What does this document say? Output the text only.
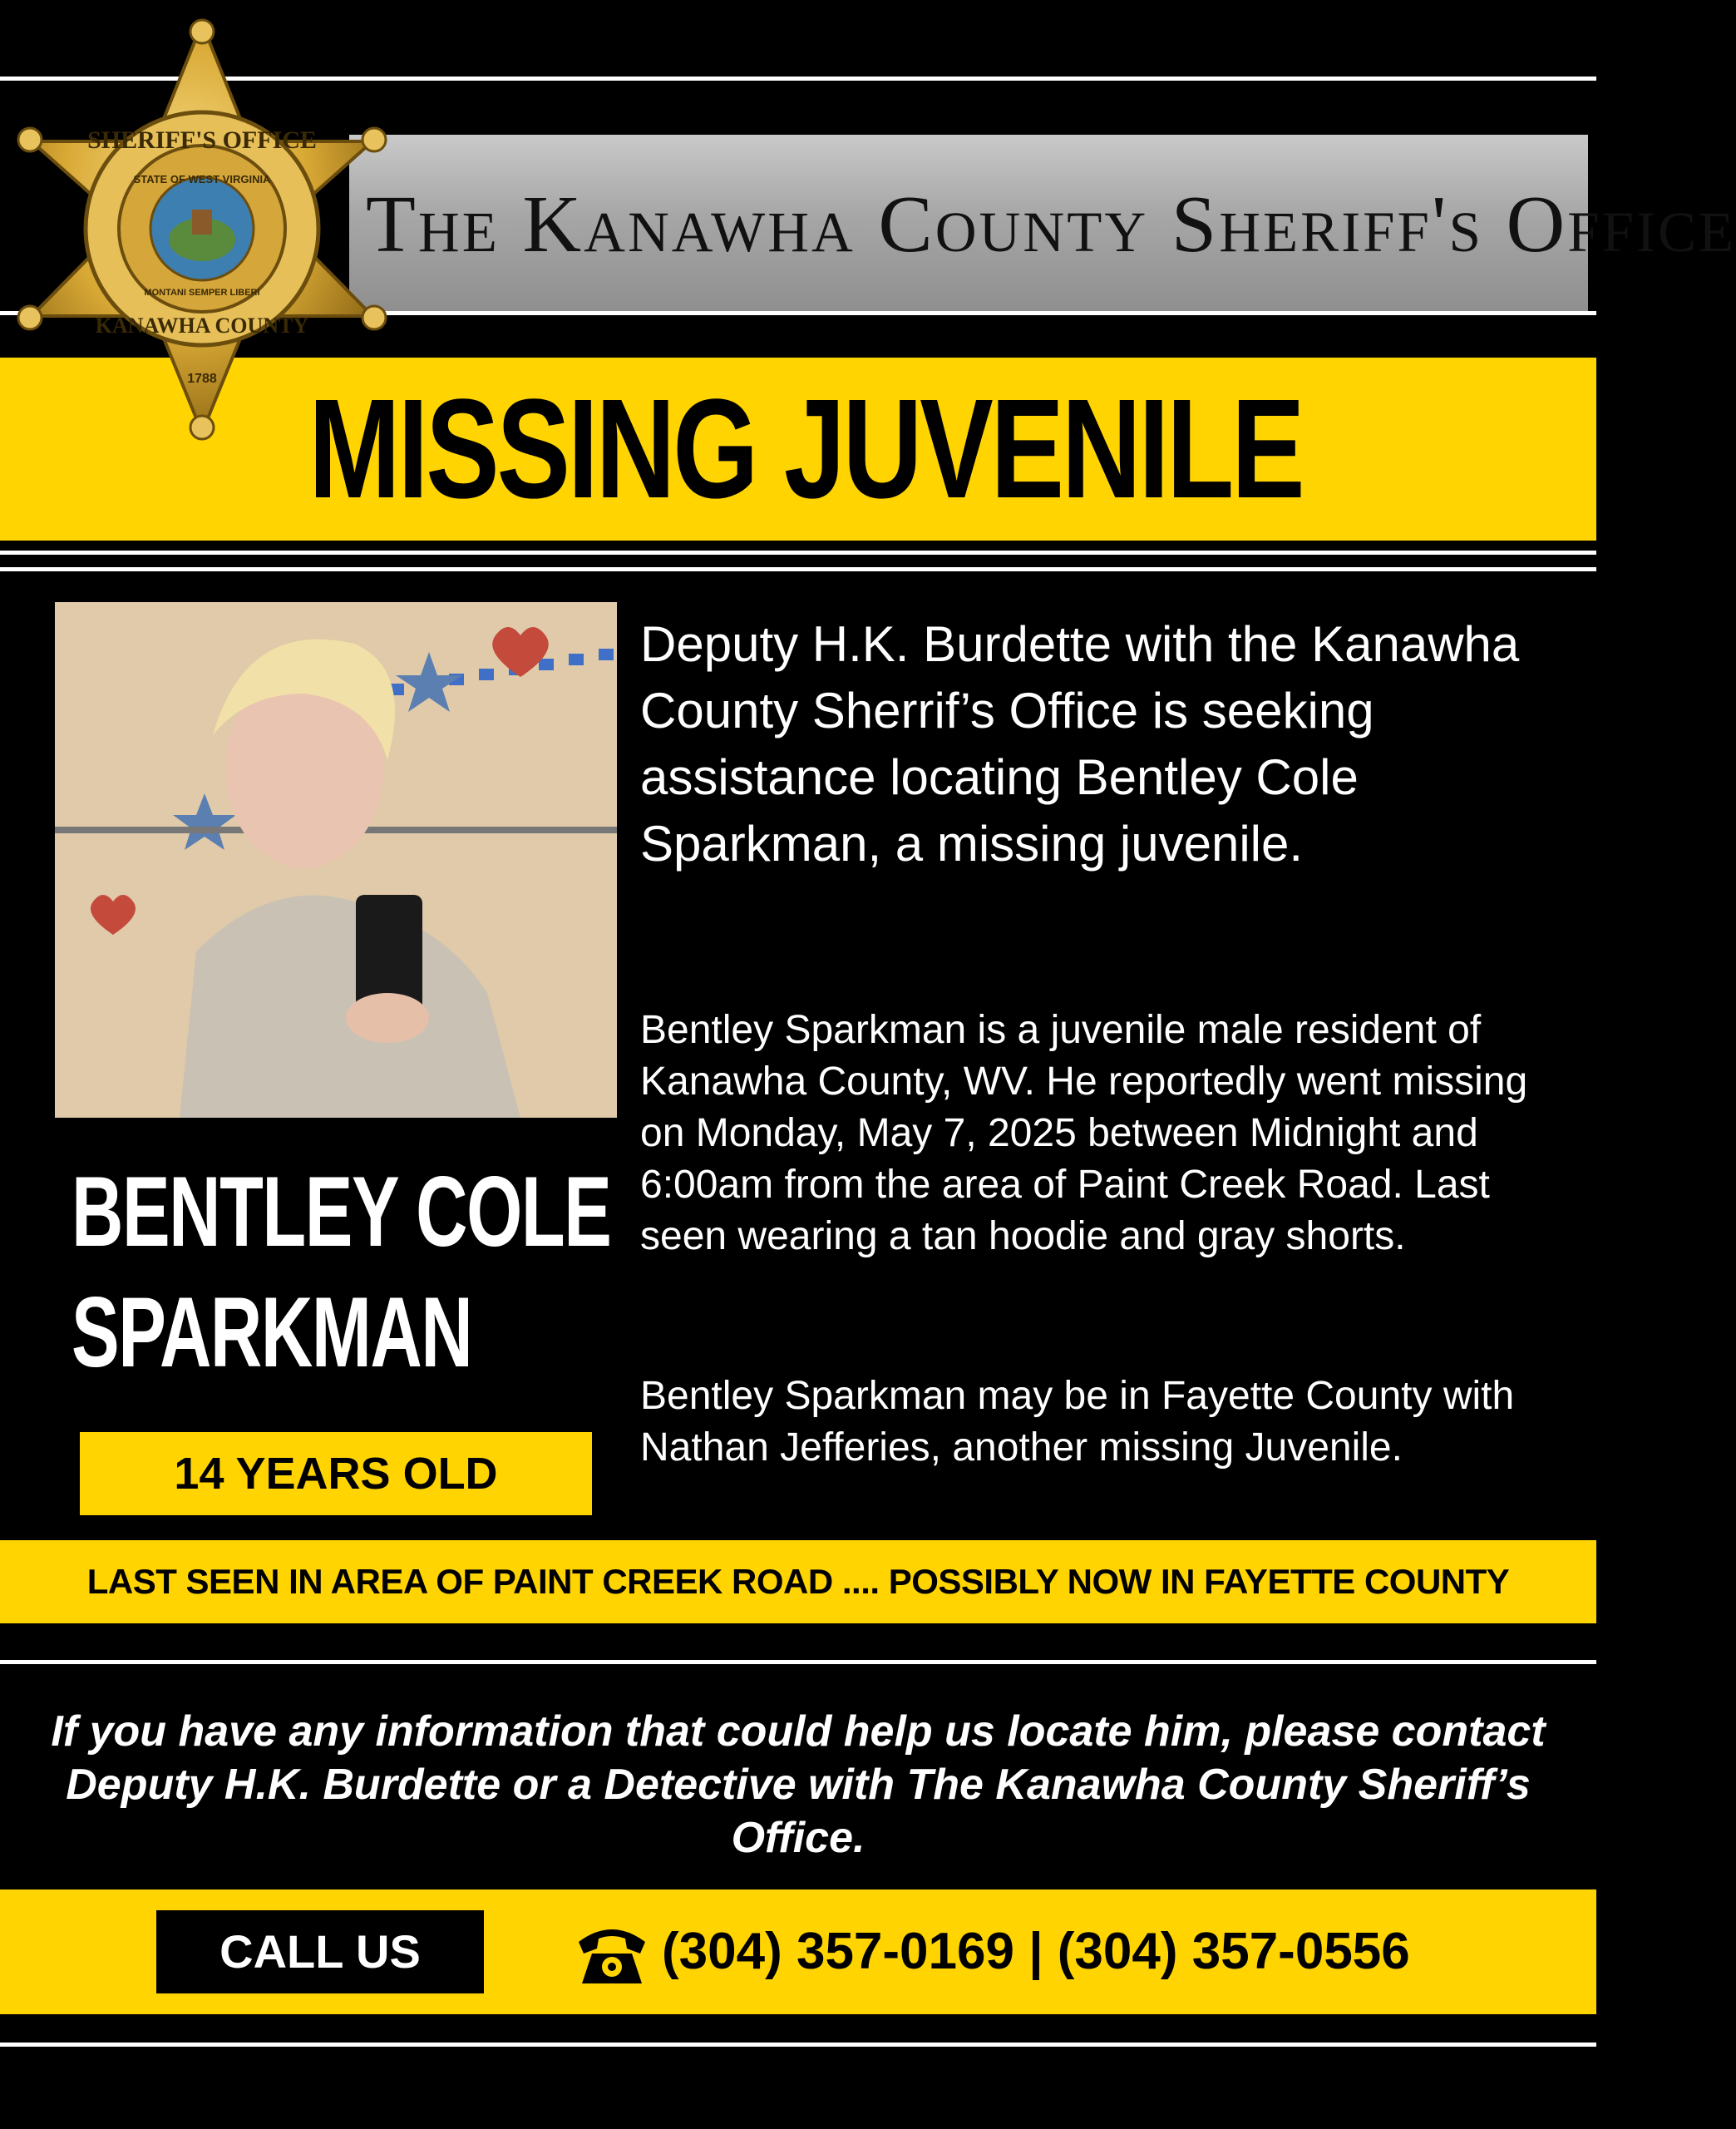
The Kanawha County Sheriff's Office
MISSING JUVENILE
SHERIFF'S OFFICE
KANAWHA COUNTY
STATE OF WEST VIRGINIA
MONTANI SEMPER LIBERI
1788
BENTLEY COLE
SPARKMAN
14 YEARS OLD
Deputy H.K. Burdette with the Kanawha County Sherrif’s Office is seeking assistance locating Bentley Cole Sparkman, a missing juvenile.
Bentley Sparkman is a juvenile male resident of Kanawha County, WV. He reportedly went missing on Monday, May 7, 2025 between Midnight and 6:00am from the area of Paint Creek Road. Last seen wearing a tan hoodie and gray shorts.
Bentley Sparkman may be in Fayette County with Nathan Jefferies, another missing Juvenile.
LAST SEEN IN AREA OF PAINT CREEK ROAD .... POSSIBLY NOW IN FAYETTE COUNTY
If you have any information that could help us locate him, please contact Deputy H.K. Burdette or a Detective with The Kanawha County Sheriff’s Office.
CALL US	(304) 357-0169 | (304) 357-0556
